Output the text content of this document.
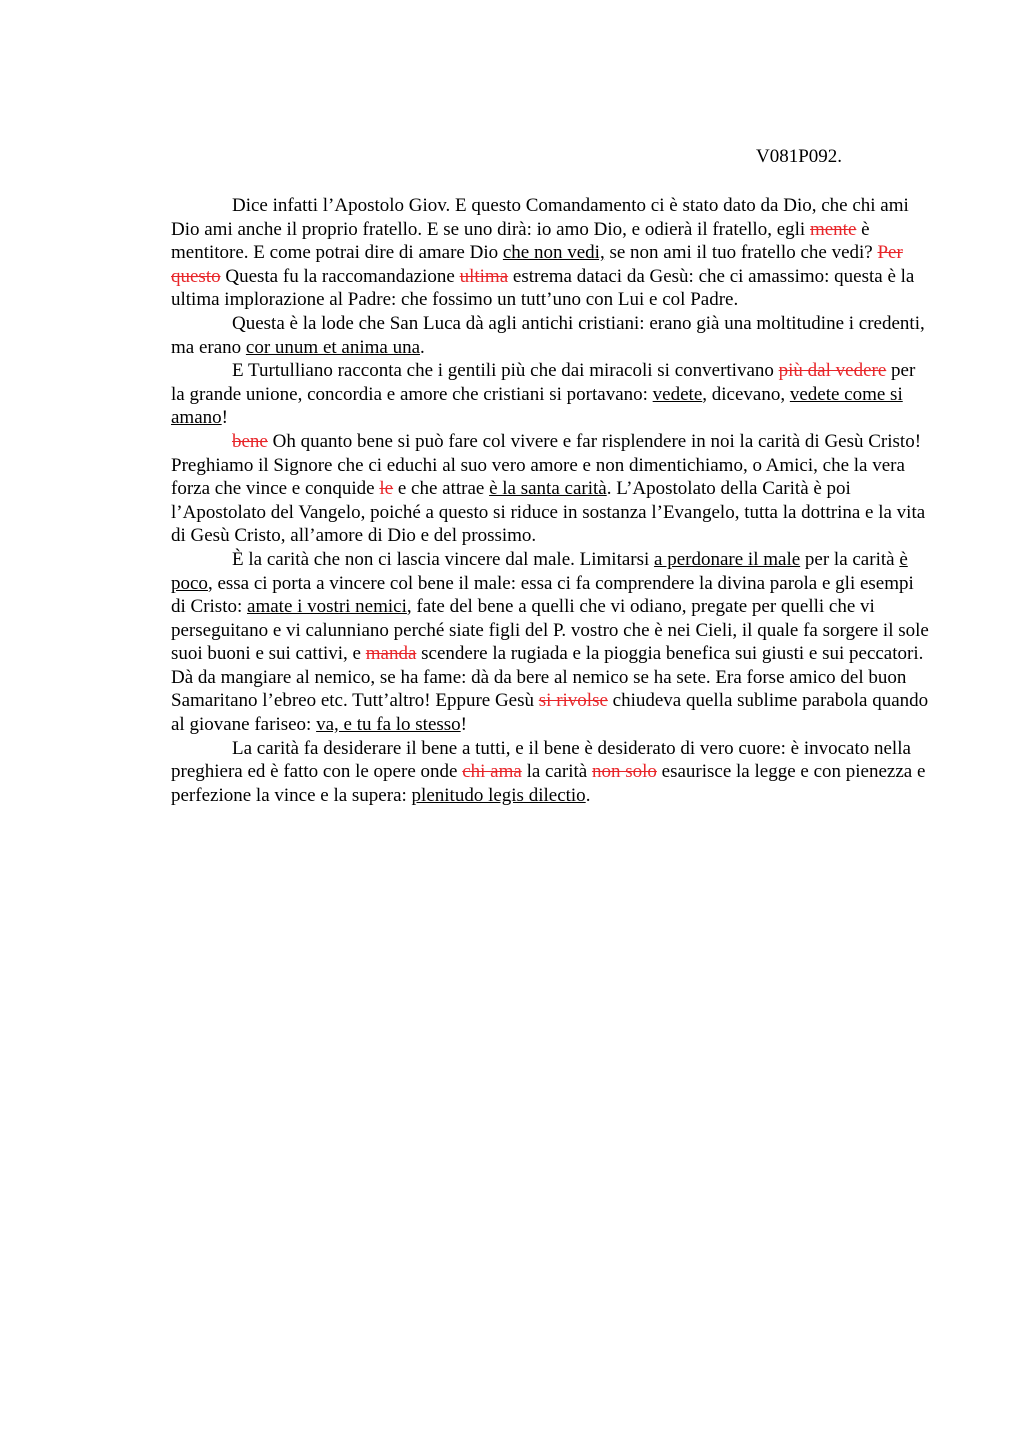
V081P092.

Dice infatti l’Apostolo Giov. E questo Comandamento ci è stato dato da Dio, che chi ami Dio ami anche il proprio fratello. E se uno dirà: io amo Dio, e odierà il fratello, egli mente è mentitore. E come potrai dire di amare Dio che non vedi, se non ami il tuo fratello che vedi? Per questo Questa fu la raccomandazione ultima estrema dataci da Gesù: che ci amassimo: questa è la ultima implorazione al Padre: che fossimo un tutt’uno con Lui e col Padre.

Questa è la lode che San Luca dà agli antichi cristiani: erano già una moltitudine i credenti, ma erano cor unum et anima una.

E Turtulliano racconta che i gentili più che dai miracoli si convertivano più dal vedere per la grande unione, concordia e amore che cristiani si portavano: vedete, dicevano, vedete come si amano!

bene Oh quanto bene si può fare col vivere e far risplendere in noi la carità di Gesù Cristo! Preghiamo il Signore che ci educhi al suo vero amore e non dimentichiamo, o Amici, che la vera forza che vince e conquide le e che attrae è la santa carità. L’Apostolato della Carità è poi l’Apostolato del Vangelo, poiché a questo si riduce in sostanza l’Evangelo, tutta la dottrina e la vita di Gesù Cristo, all’amore di Dio e del prossimo.

È la carità che non ci lascia vincere dal male. Limitarsi a perdonare il male per la carità è poco, essa ci porta a vincere col bene il male: essa ci fa comprendere la divina parola e gli esempi di Cristo: amate i vostri nemici, fate del bene a quelli che vi odiano, pregate per quelli che vi perseguitano e vi calunniano perché siate figli del P. vostro che è nei Cieli, il quale fa sorgere il sole suoi buoni e sui cattivi, e manda scendere la rugiada e la pioggia benefica sui giusti e sui peccatori. Dà da mangiare al nemico, se ha fame: dà da bere al nemico se ha sete. Era forse amico del buon Samaritano l’ebreo etc. Tutt’altro! Eppure Gesù si rivolse chiudeva quella sublime parabola quando al giovane fariseo: va, e tu fa lo stesso!

La carità fa desiderare il bene a tutti, e il bene è desiderato di vero cuore: è invocato nella preghiera ed è fatto con le opere onde chi ama la carità non solo esaurisce la legge e con pienezza e perfezione la vince e la supera: plenitudo legis dilectio.
